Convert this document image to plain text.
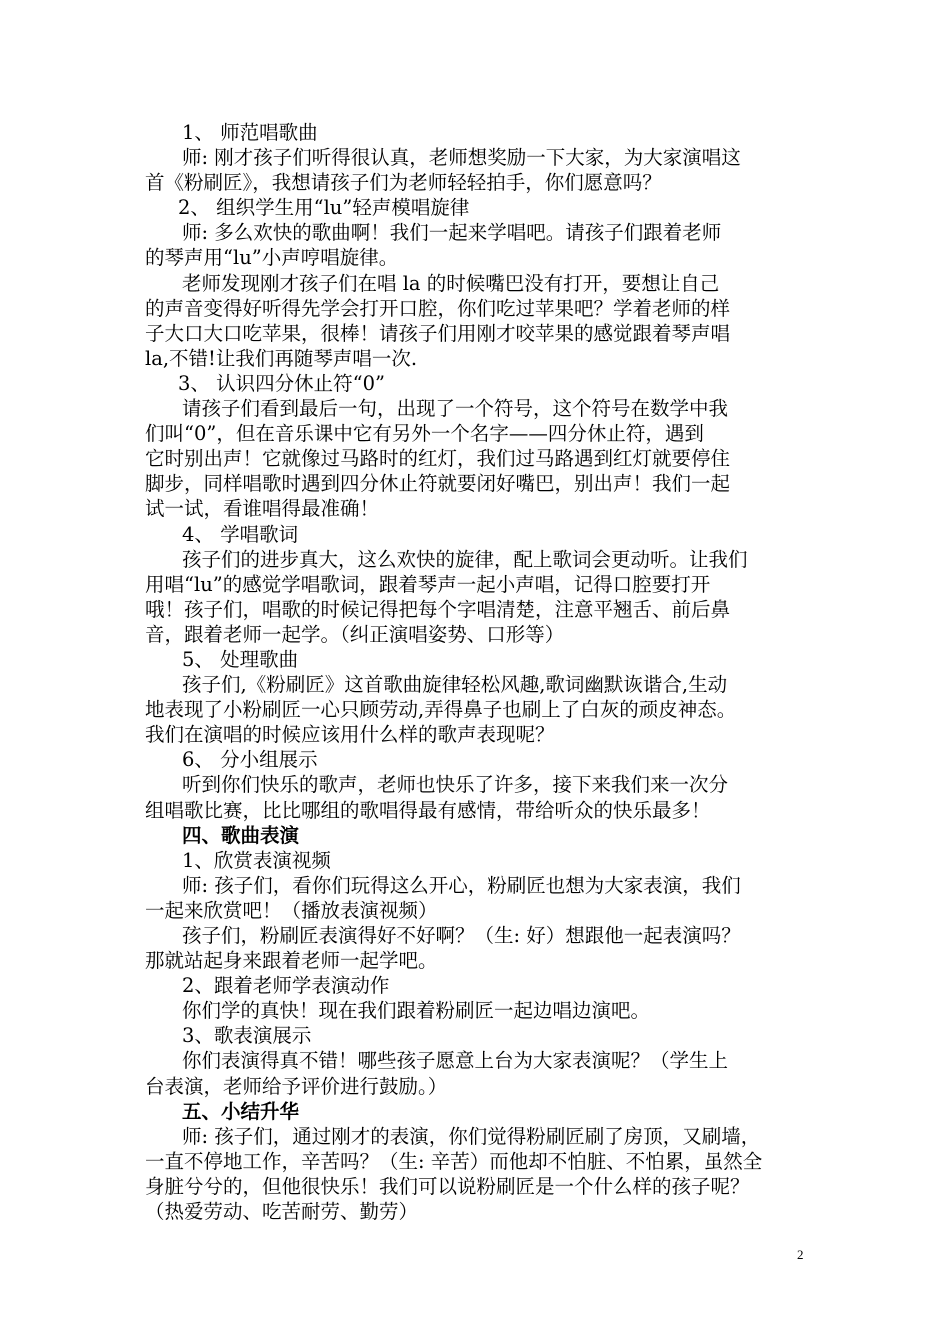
1、 师范唱歌曲
师: 刚才孩子们听得很认真，老师想奖励一下大家，为大家演唱这
首《粉刷匠》，我想请孩子们为老师轻轻拍手，你们愿意吗？
2、 组织学生用“lu”轻声模唱旋律
师: 多么欢快的歌曲啊！我们一起来学唱吧。请孩子们跟着老师
的琴声用“lu”小声哼唱旋律。
老师发现刚才孩子们在唱 la 的时候嘴巴没有打开，要想让自己
的声音变得好听得先学会打开口腔，你们吃过苹果吧？学着老师的样
子大口大口吃苹果，很棒！请孩子们用刚才咬苹果的感觉跟着琴声唱
la,不错!让我们再随琴声唱一次.
3、 认识四分休止符“0”
请孩子们看到最后一句，出现了一个符号，这个符号在数学中我
们叫“0”，但在音乐课中它有另外一个名字——四分休止符，遇到
它时别出声！它就像过马路时的红灯，我们过马路遇到红灯就要停住
脚步，同样唱歌时遇到四分休止符就要闭好嘴巴，别出声！我们一起
试一试，看谁唱得最准确！
4、 学唱歌词
孩子们的进步真大，这么欢快的旋律，配上歌词会更动听。让我们
用唱“lu”的感觉学唱歌词，跟着琴声一起小声唱，记得口腔要打开
哦！孩子们，唱歌的时候记得把每个字唱清楚，注意平翘舌、前后鼻
音，跟着老师一起学。（纠正演唱姿势、口形等）
5、 处理歌曲
孩子们,《粉刷匠》这首歌曲旋律轻松风趣,歌词幽默诙谐合,生动
地表现了小粉刷匠一心只顾劳动,弄得鼻子也刷上了白灰的顽皮神态。
我们在演唱的时候应该用什么样的歌声表现呢？
6、 分小组展示
听到你们快乐的歌声，老师也快乐了许多，接下来我们来一次分
组唱歌比赛，比比哪组的歌唱得最有感情，带给听众的快乐最多！
四、歌曲表演
1、欣赏表演视频
师: 孩子们，看你们玩得这么开心，粉刷匠也想为大家表演，我们
一起来欣赏吧！（播放表演视频）
孩子们，粉刷匠表演得好不好啊？（生: 好）想跟他一起表演吗？
那就站起身来跟着老师一起学吧。
2、跟着老师学表演动作
你们学的真快！现在我们跟着粉刷匠一起边唱边演吧。
3、歌表演展示
你们表演得真不错！哪些孩子愿意上台为大家表演呢？（学生上
台表演，老师给予评价进行鼓励。）
五、小结升华
师: 孩子们，通过刚才的表演，你们觉得粉刷匠刷了房顶，又刷墙，
一直不停地工作，辛苦吗？（生: 辛苦）而他却不怕脏、不怕累，虽然全
身脏兮兮的，但他很快乐！我们可以说粉刷匠是一个什么样的孩子呢？
（热爱劳动、吃苦耐劳、勤劳）
2
